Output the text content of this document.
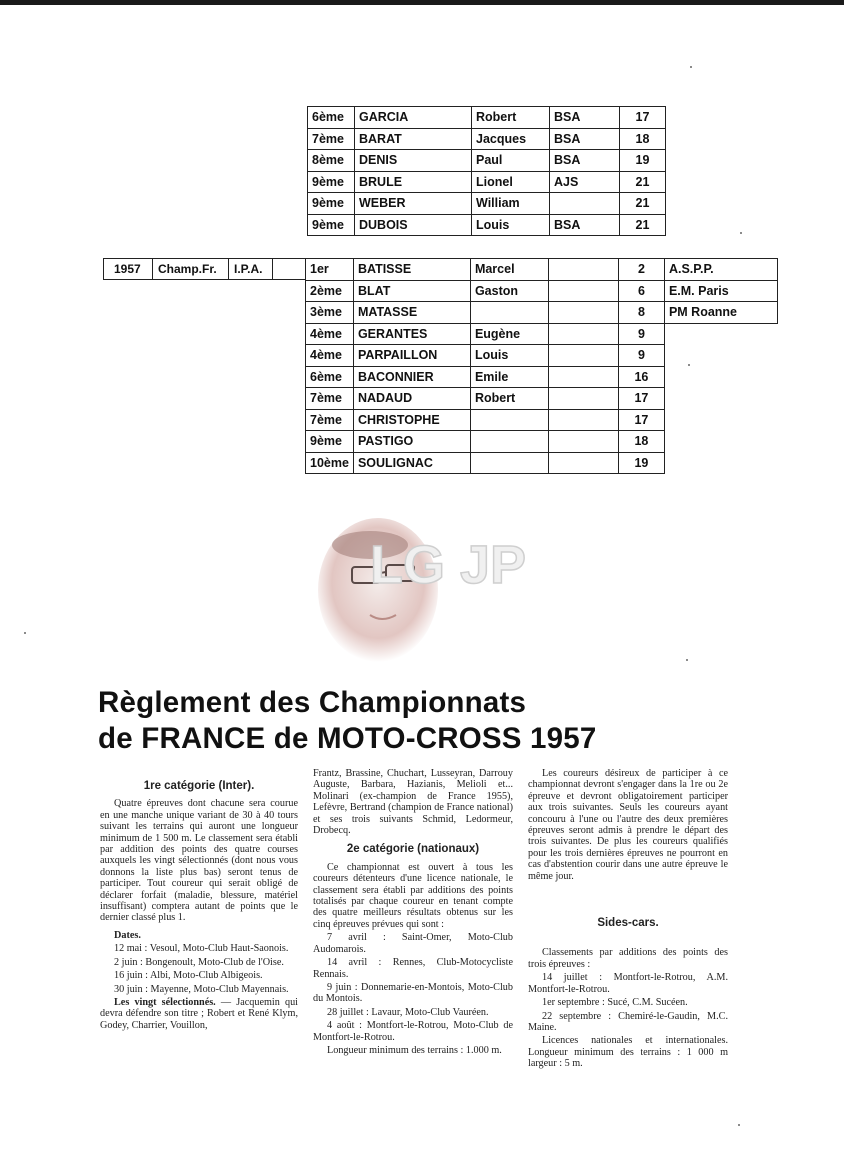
6ème	GARCIA	Robert	BSA	17
7ème	BARAT	Jacques	BSA	18
8ème	DENIS	Paul	BSA	19
9ème	BRULE	Lionel	AJS	21
9ème	WEBER	William		21
9ème	DUBOIS	Louis	BSA	21
1957 Champ.Fr. I.P.A.	1er	BATISSE	Marcel		2	A.S.P.P.
2ème	BLAT	Gaston		6	E.M. Paris
3ème	MATASSE			8	PM Roanne
4ème	GERANTES	Eugène		9	
4ème	PARPAILLON	Louis		9	
6ème	BACONNIER	Emile		16	
7ème	NADAUD	Robert		17	
7ème	CHRISTOPHE			17	
9ème	PASTIGO			18	
10ème	SOULIGNAC			19	
LG JP
Règlement des Championnats
de FRANCE de MOTO-CROSS 1957

1re catégorie (Inter).

Quatre épreuves dont chacune sera courue en une manche unique variant de 30 à 40 tours suivant les terrains qui auront une longueur minimum de 1 500 m. Le classement sera établi par addition des points des quatre courses auxquels les vingt sélectionnés (dont nous vous donnons la liste plus bas) seront tenus de participer. Tout coureur qui serait obligé de déclarer forfait (maladie, blessure, matériel insuffisant) comptera autant de points que le dernier classé plus 1.

Dates.

12 mai : Vesoul, Moto-Club Haut-Saonois.

2 juin : Bongenoult, Moto-Club de l'Oise.

16 juin : Albi, Moto-Club Albigeois.

30 juin : Mayenne, Moto-Club Mayennais.

Les vingt sélectionnés. — Jacquemin qui devra défendre son titre ; Robert et René Klym, Godey, Charrier, Vouillon,

Frantz, Brassine, Chuchart, Lusseyran, Darrouy Auguste, Barbara, Hazianis, Melioli et... Molinari (ex-champion de France 1955), Lefèvre, Bertrand (champion de France national) et ses trois suivants Schmid, Ledormeur, Drobecq.

2e catégorie (nationaux)

Ce championnat est ouvert à tous les coureurs détenteurs d'une licence nationale, le classement sera établi par additions des points totalisés par chaque coureur en tenant compte des quatre meilleurs résultats obtenus sur les cinq épreuves prévues qui sont :

7 avril : Saint-Omer, Moto-Club Audomarois.

14 avril : Rennes, Club-Motocycliste Rennais.

9 juin : Donnemarie-en-Montois, Moto-Club du Montois.

28 juillet : Lavaur, Moto-Club Vauréen.

4 août : Montfort-le-Rotrou, Moto-Club de Montfort-le-Rotrou.

Longueur minimum des terrains : 1.000 m.

Les coureurs désireux de participer à ce championnat devront s'engager dans la 1re ou 2e épreuve et devront obligatoirement participer aux trois suivantes. Seuls les coureurs ayant concouru à l'une ou l'autre des deux premières épreuves seront admis à prendre le départ des trois suivantes. De plus les coureurs qualifiés pour les trois dernières épreuves ne pourront en cas d'abstention courir dans une autre épreuve le même jour.

Sides-cars.

Classements par additions des points des trois épreuves :

14 juillet : Montfort-le-Rotrou, A.M. Montfort-le-Rotrou.

1er septembre : Sucé, C.M. Sucéen.

22 septembre : Chemiré-le-Gaudin, M.C. Maine.

Licences nationales et internationales. Longueur minimum des terrains : 1 000 m largeur : 5 m.
